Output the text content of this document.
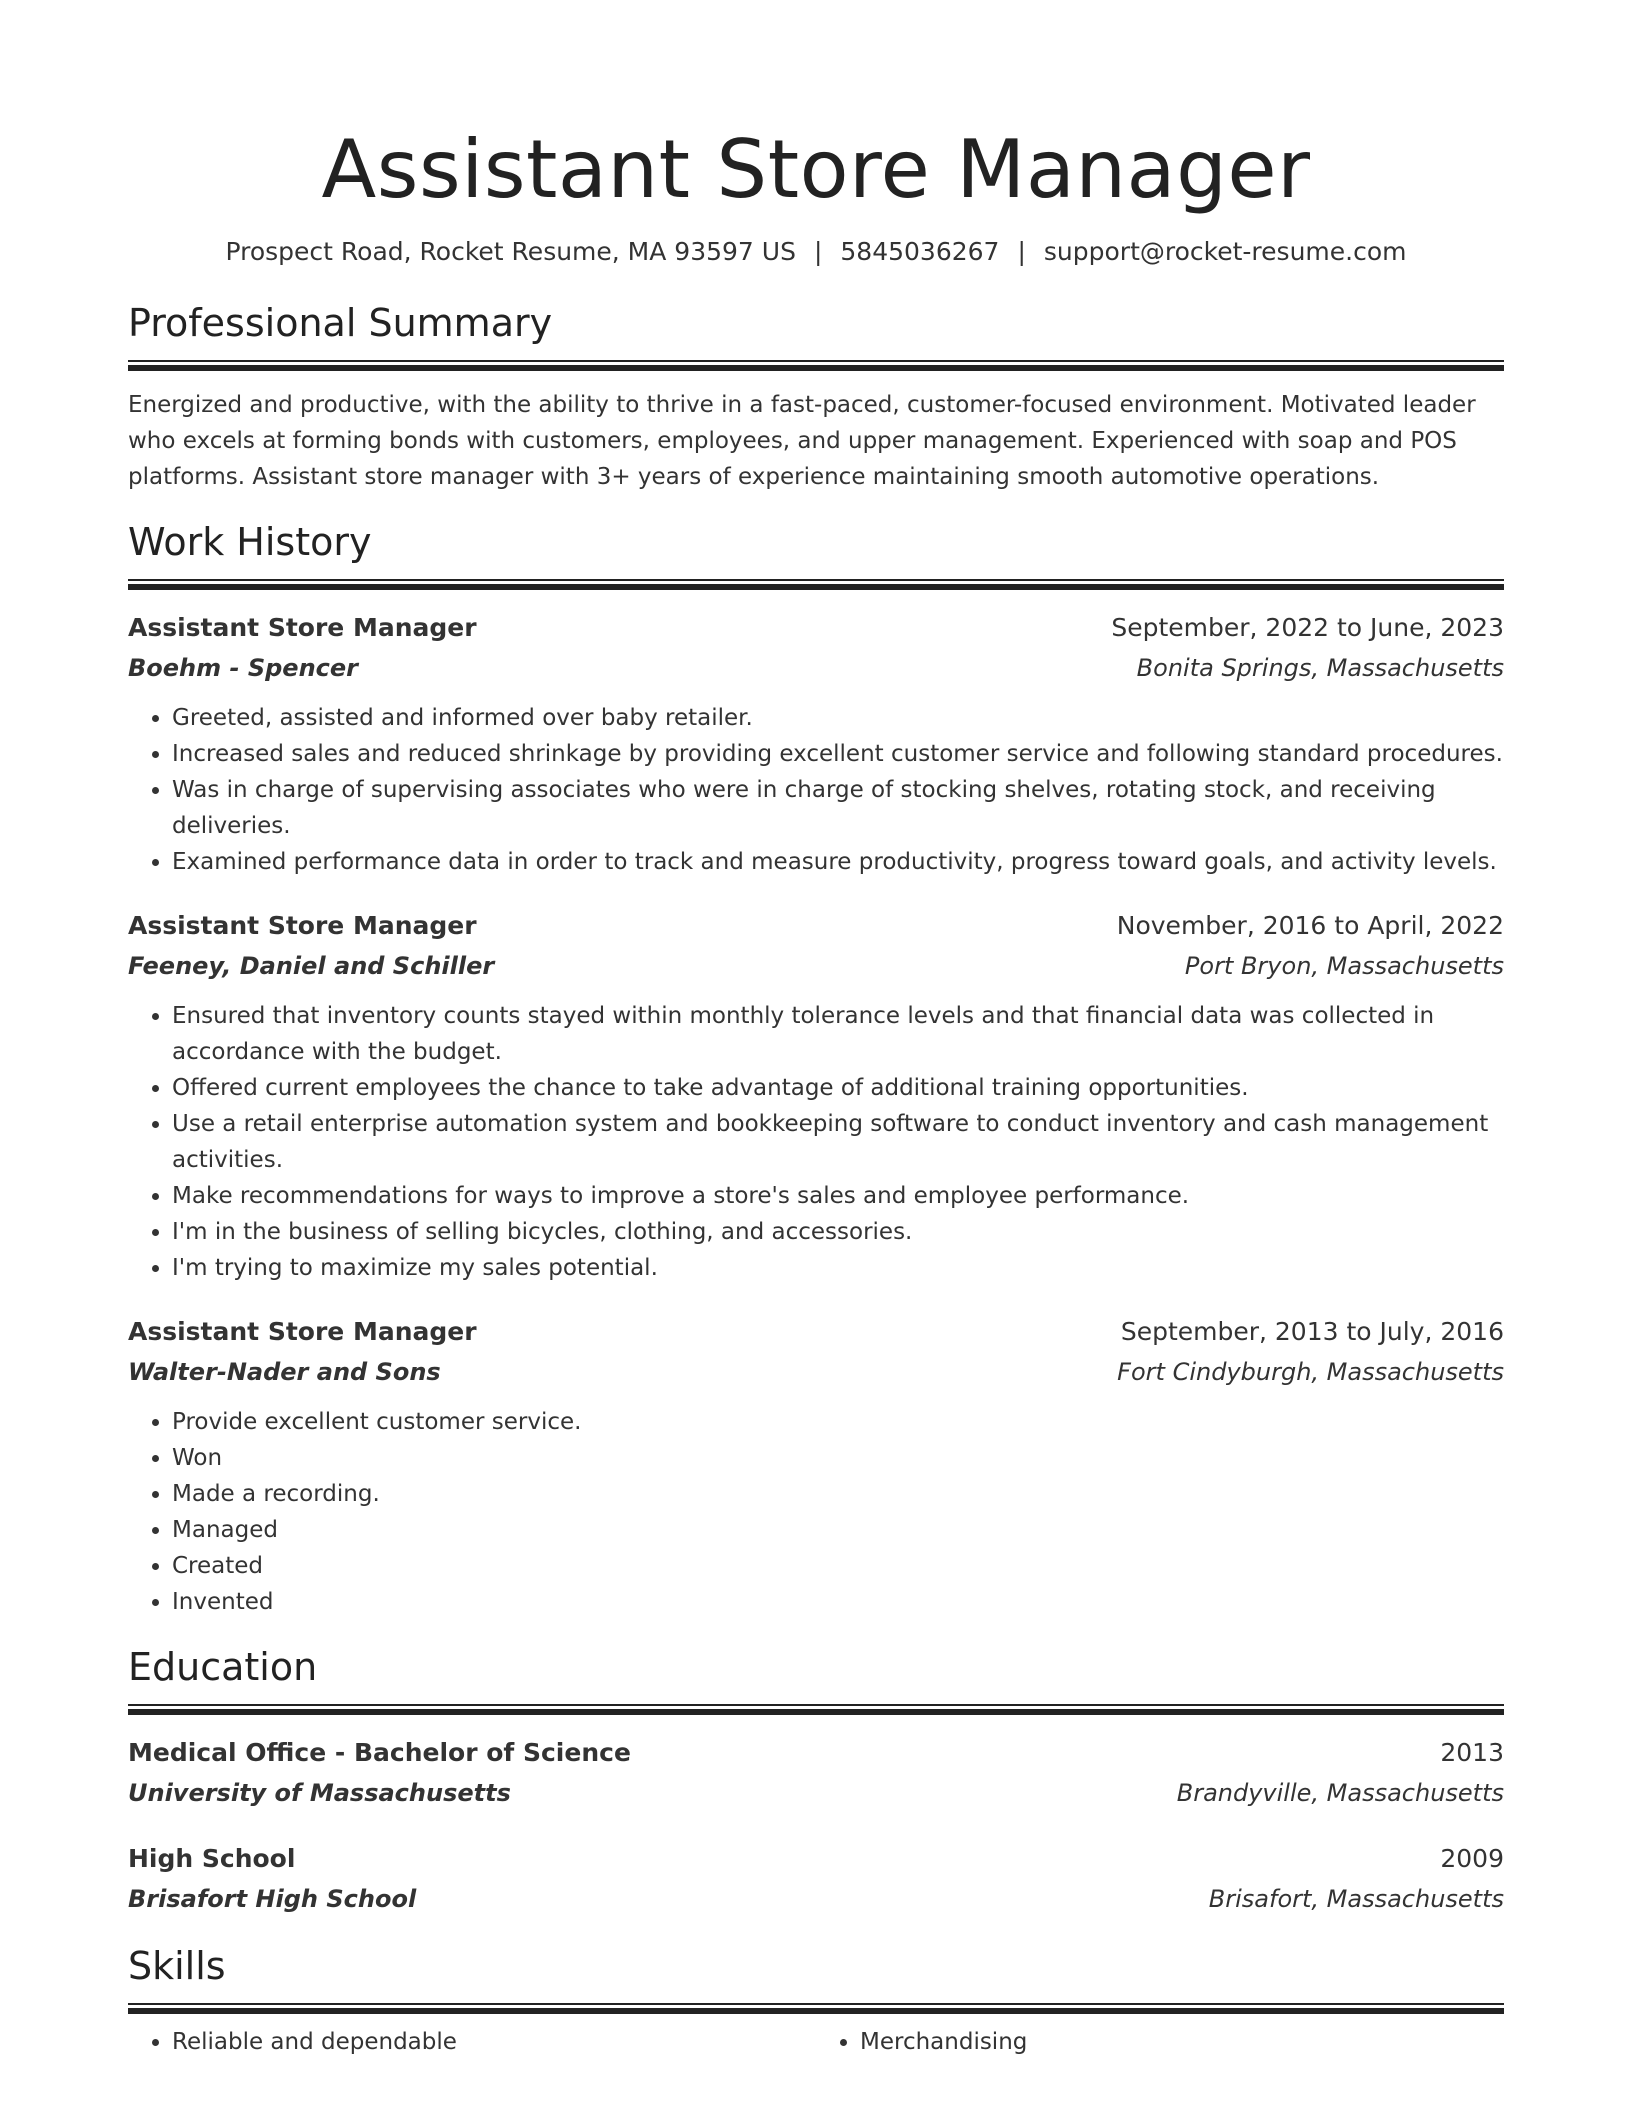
Assistant Store Manager
Prospect Road, Rocket Resume, MA 93597 US | 5845036267 | support@rocket-resume.com
Professional Summary
Energized and productive, with the ability to thrive in a fast-paced, customer-focused environment. Motivated leader who excels at forming bonds with customers, employees, and upper management. Experienced with soap and POS platforms. Assistant store manager with 3+ years of experience maintaining smooth automotive operations.
Work History
Assistant Store Manager	September, 2022 to June, 2023
Boehm - Spencer	Bonita Springs, Massachusetts
• Greeted, assisted and informed over baby retailer.
• Increased sales and reduced shrinkage by providing excellent customer service and following standard procedures.
• Was in charge of supervising associates who were in charge of stocking shelves, rotating stock, and receiving deliveries.
• Examined performance data in order to track and measure productivity, progress toward goals, and activity levels.
Assistant Store Manager	November, 2016 to April, 2022
Feeney, Daniel and Schiller	Port Bryon, Massachusetts
• Ensured that inventory counts stayed within monthly tolerance levels and that financial data was collected in accordance with the budget.
• Offered current employees the chance to take advantage of additional training opportunities.
• Use a retail enterprise automation system and bookkeeping software to conduct inventory and cash management activities.
• Make recommendations for ways to improve a store's sales and employee performance.
• I'm in the business of selling bicycles, clothing, and accessories.
• I'm trying to maximize my sales potential.
Assistant Store Manager	September, 2013 to July, 2016
Walter-Nader and Sons	Fort Cindyburgh, Massachusetts
• Provide excellent customer service.
• Won
• Made a recording.
• Managed
• Created
• Invented
Education
Medical Office - Bachelor of Science	2013
University of Massachusetts	Brandyville, Massachusetts
High School	2009
Brisafort High School	Brisafort, Massachusetts
Skills
• Reliable and dependable
•	Merchandising
